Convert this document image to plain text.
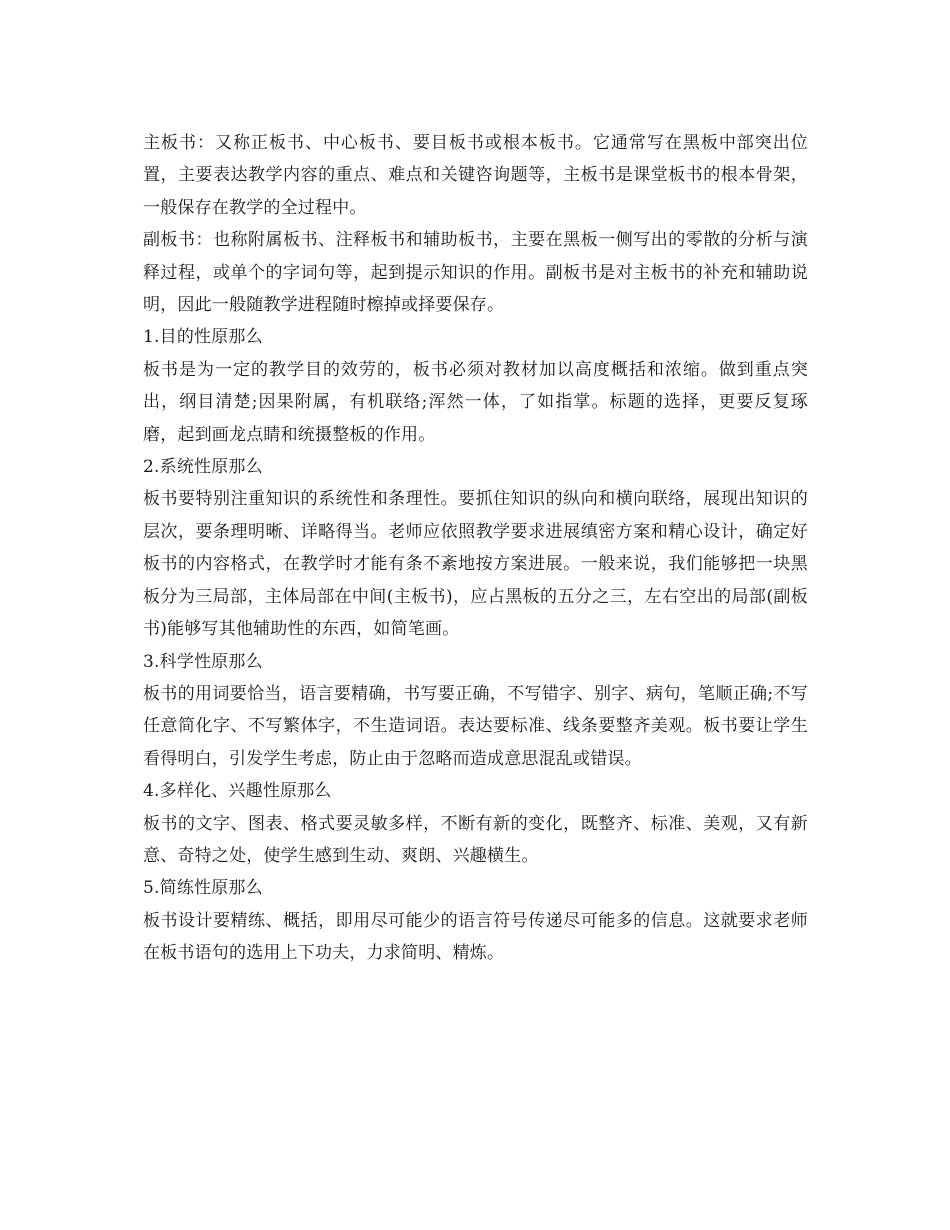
主板书：又称正板书、中心板书、要目板书或根本板书。它通常写在黑板中部突出位置，主要表达教学内容的重点、难点和关键咨询题等，主板书是课堂板书的根本骨架，一般保存在教学的全过程中。

副板书：也称附属板书、注释板书和辅助板书，主要在黑板一侧写出的零散的分析与演释过程，或单个的字词句等，起到提示知识的作用。副板书是对主板书的补充和辅助说明，因此一般随教学进程随时檫掉或择要保存。

1.目的性原那么

板书是为一定的教学目的效劳的，板书必须对教材加以高度概括和浓缩。做到重点突出，纲目清楚;因果附属，有机联络;浑然一体，了如指掌。标题的选择，更要反复琢磨，起到画龙点睛和统摄整板的作用。

2.系统性原那么

板书要特别注重知识的系统性和条理性。要抓住知识的纵向和横向联络，展现出知识的层次，要条理明晰、详略得当。老师应依照教学要求进展缜密方案和精心设计，确定好板书的内容格式，在教学时才能有条不紊地按方案进展。一般来说，我们能够把一块黑板分为三局部，主体局部在中间(主板书)，应占黑板的五分之三，左右空出的局部(副板书)能够写其他辅助性的东西，如简笔画。

3.科学性原那么

板书的用词要恰当，语言要精确，书写要正确，不写错字、别字、病句，笔顺正确;不写任意简化字、不写繁体字，不生造词语。表达要标准、线条要整齐美观。板书要让学生看得明白，引发学生考虑，防止由于忽略而造成意思混乱或错误。

4.多样化、兴趣性原那么

板书的文字、图表、格式要灵敏多样，不断有新的变化，既整齐、标准、美观，又有新意、奇特之处，使学生感到生动、爽朗、兴趣横生。

5.简练性原那么

板书设计要精练、概括，即用尽可能少的语言符号传递尽可能多的信息。这就要求老师在板书语句的选用上下功夫，力求简明、精炼。
